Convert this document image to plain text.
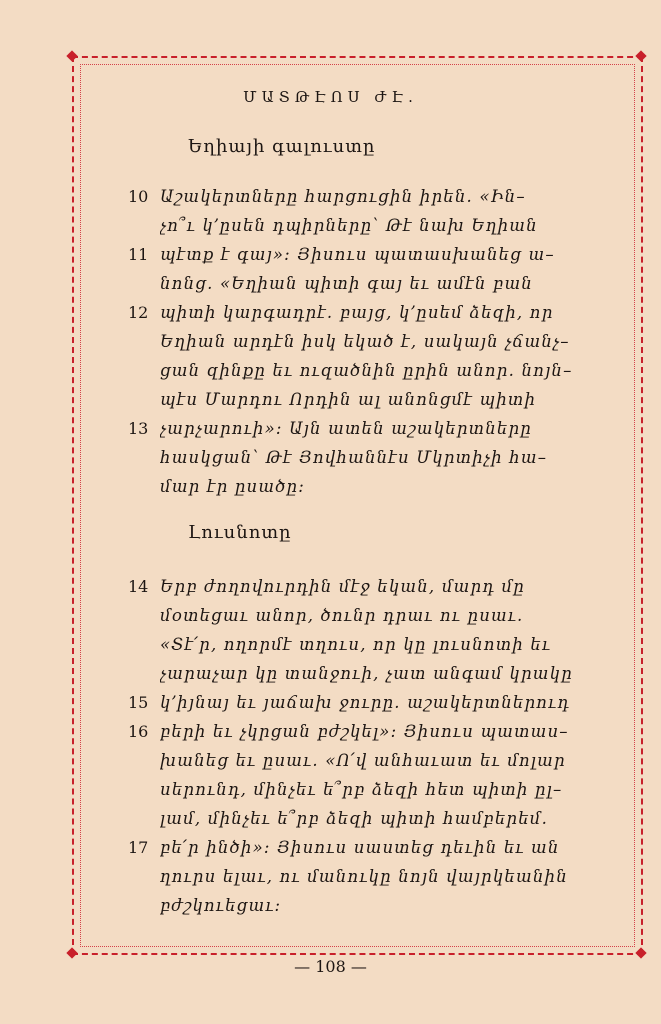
ՄԱՏԹԷՈՍ ԺԷ.
Եղիայի գալուստը
10 Աշակերտները հարցուցին իրեն. «Ին–
չո՞ւ կ՚ըսեն դպիրները՝ Թէ նախ Եղիան
11 պէտք է գայ»։ Յիսուս պատասխանեց ա–
նոնց. «Եղիան պիտի գայ եւ ամէն բան
12 պիտի կարգադրէ. բայց, կ՚ըսեմ ձեզի, որ
Եղիան արդէն իսկ եկած է, սակայն չճանչ–
ցան զինքը եւ ուզածնին ըրին անոր. նոյն–
պէս Մարդու Որդին ալ անոնցմէ պիտի
13 չարչարուի»։ Այն ատեն աշակերտները
հասկցան՝ Թէ Յովհաննէս Մկրտիչի հա–
մար էր ըսածը։
Լուսնոտը
14 Երբ ժողովուրդին մէջ եկան, մարդ մը
մօտեցաւ անոր, ծունր դրաւ ու ըսաւ.
«Տէ՛ր, ողորմէ տղուս, որ կը լուսնոտի եւ
չարաչար կը տանջուի, չատ անգամ կրակը
15 կ՚իյնայ եւ յաճախ ջուրը. աշակերտներուդ
16 բերի եւ չկրցան բժշկել»։ Յիսուս պատաս–
խանեց եւ ըսաւ. «Ո՛վ անհաւատ եւ մոլար
սերունդ, մինչեւ ե՞րբ ձեզի հետ պիտի ըլ–
լամ, մինչեւ ե՞րբ ձեզի պիտի համբերեմ.
17 բե՛ր ինծի»։ Յիսուս սաստեց դեւին եւ ան
ղուրս ելաւ, ու մանուկը նոյն վայրկեանին
բժշկուեցաւ։
— 108 —
